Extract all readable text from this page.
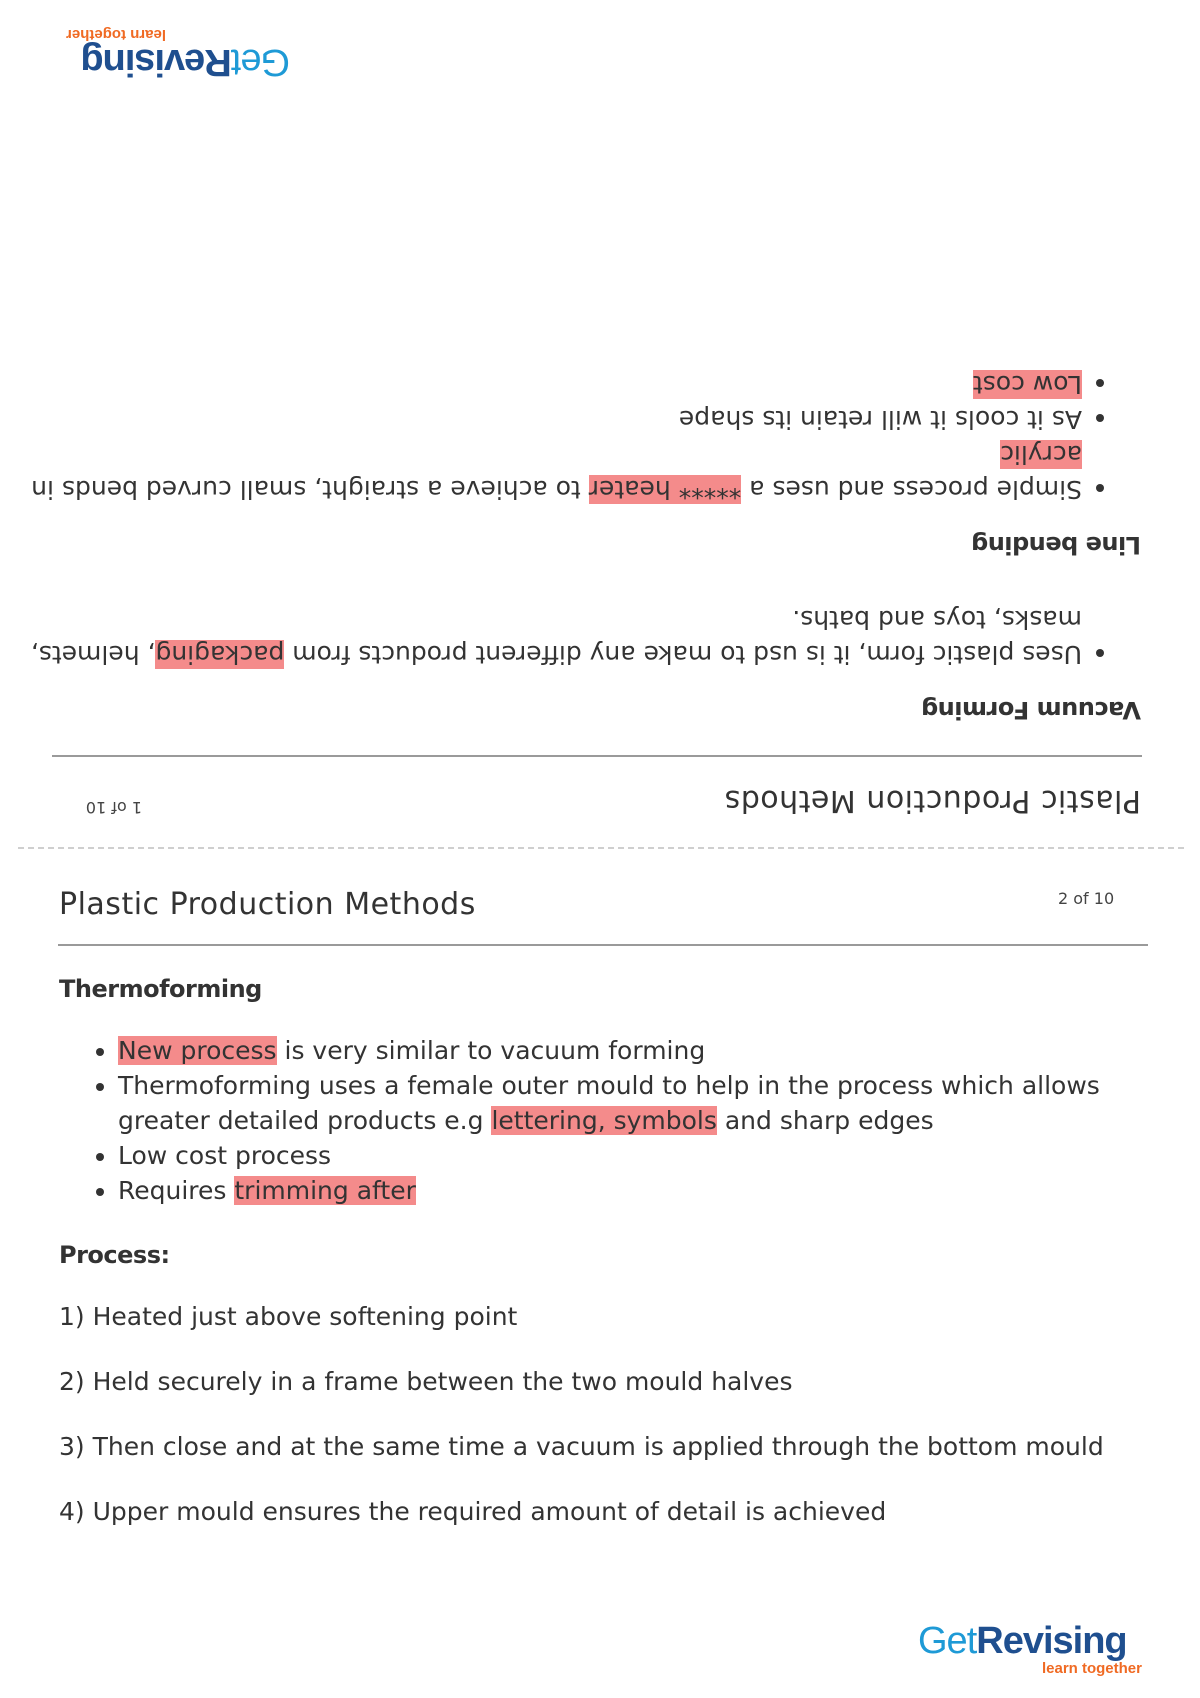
Plastic Production Methods
1 of 10
Vacuum Forming
• Uses plastic form, it is usd to make any different products from packaging, helmets, masks, toys and baths.
Line bending
• Simple process and uses a ***** heater to achieve a straight, small curved bends in acrylic
• As it cools it will retain its shape
• Low cost
GetRevising
learn together
Plastic Production Methods	2 of 10
Thermoforming
• New process is very similar to vacuum forming
• Thermoforming uses a female outer mould to help in the process which allows greater detailed products e.g lettering, symbols and sharp edges
• Low cost process
• Requires trimming after
Process:
1) Heated just above softening point
2) Held securely in a frame between the two mould halves
3) Then close and at the same time a vacuum is applied through the bottom mould
4) Upper mould ensures the required amount of detail is achieved
GetRevising
learn together
